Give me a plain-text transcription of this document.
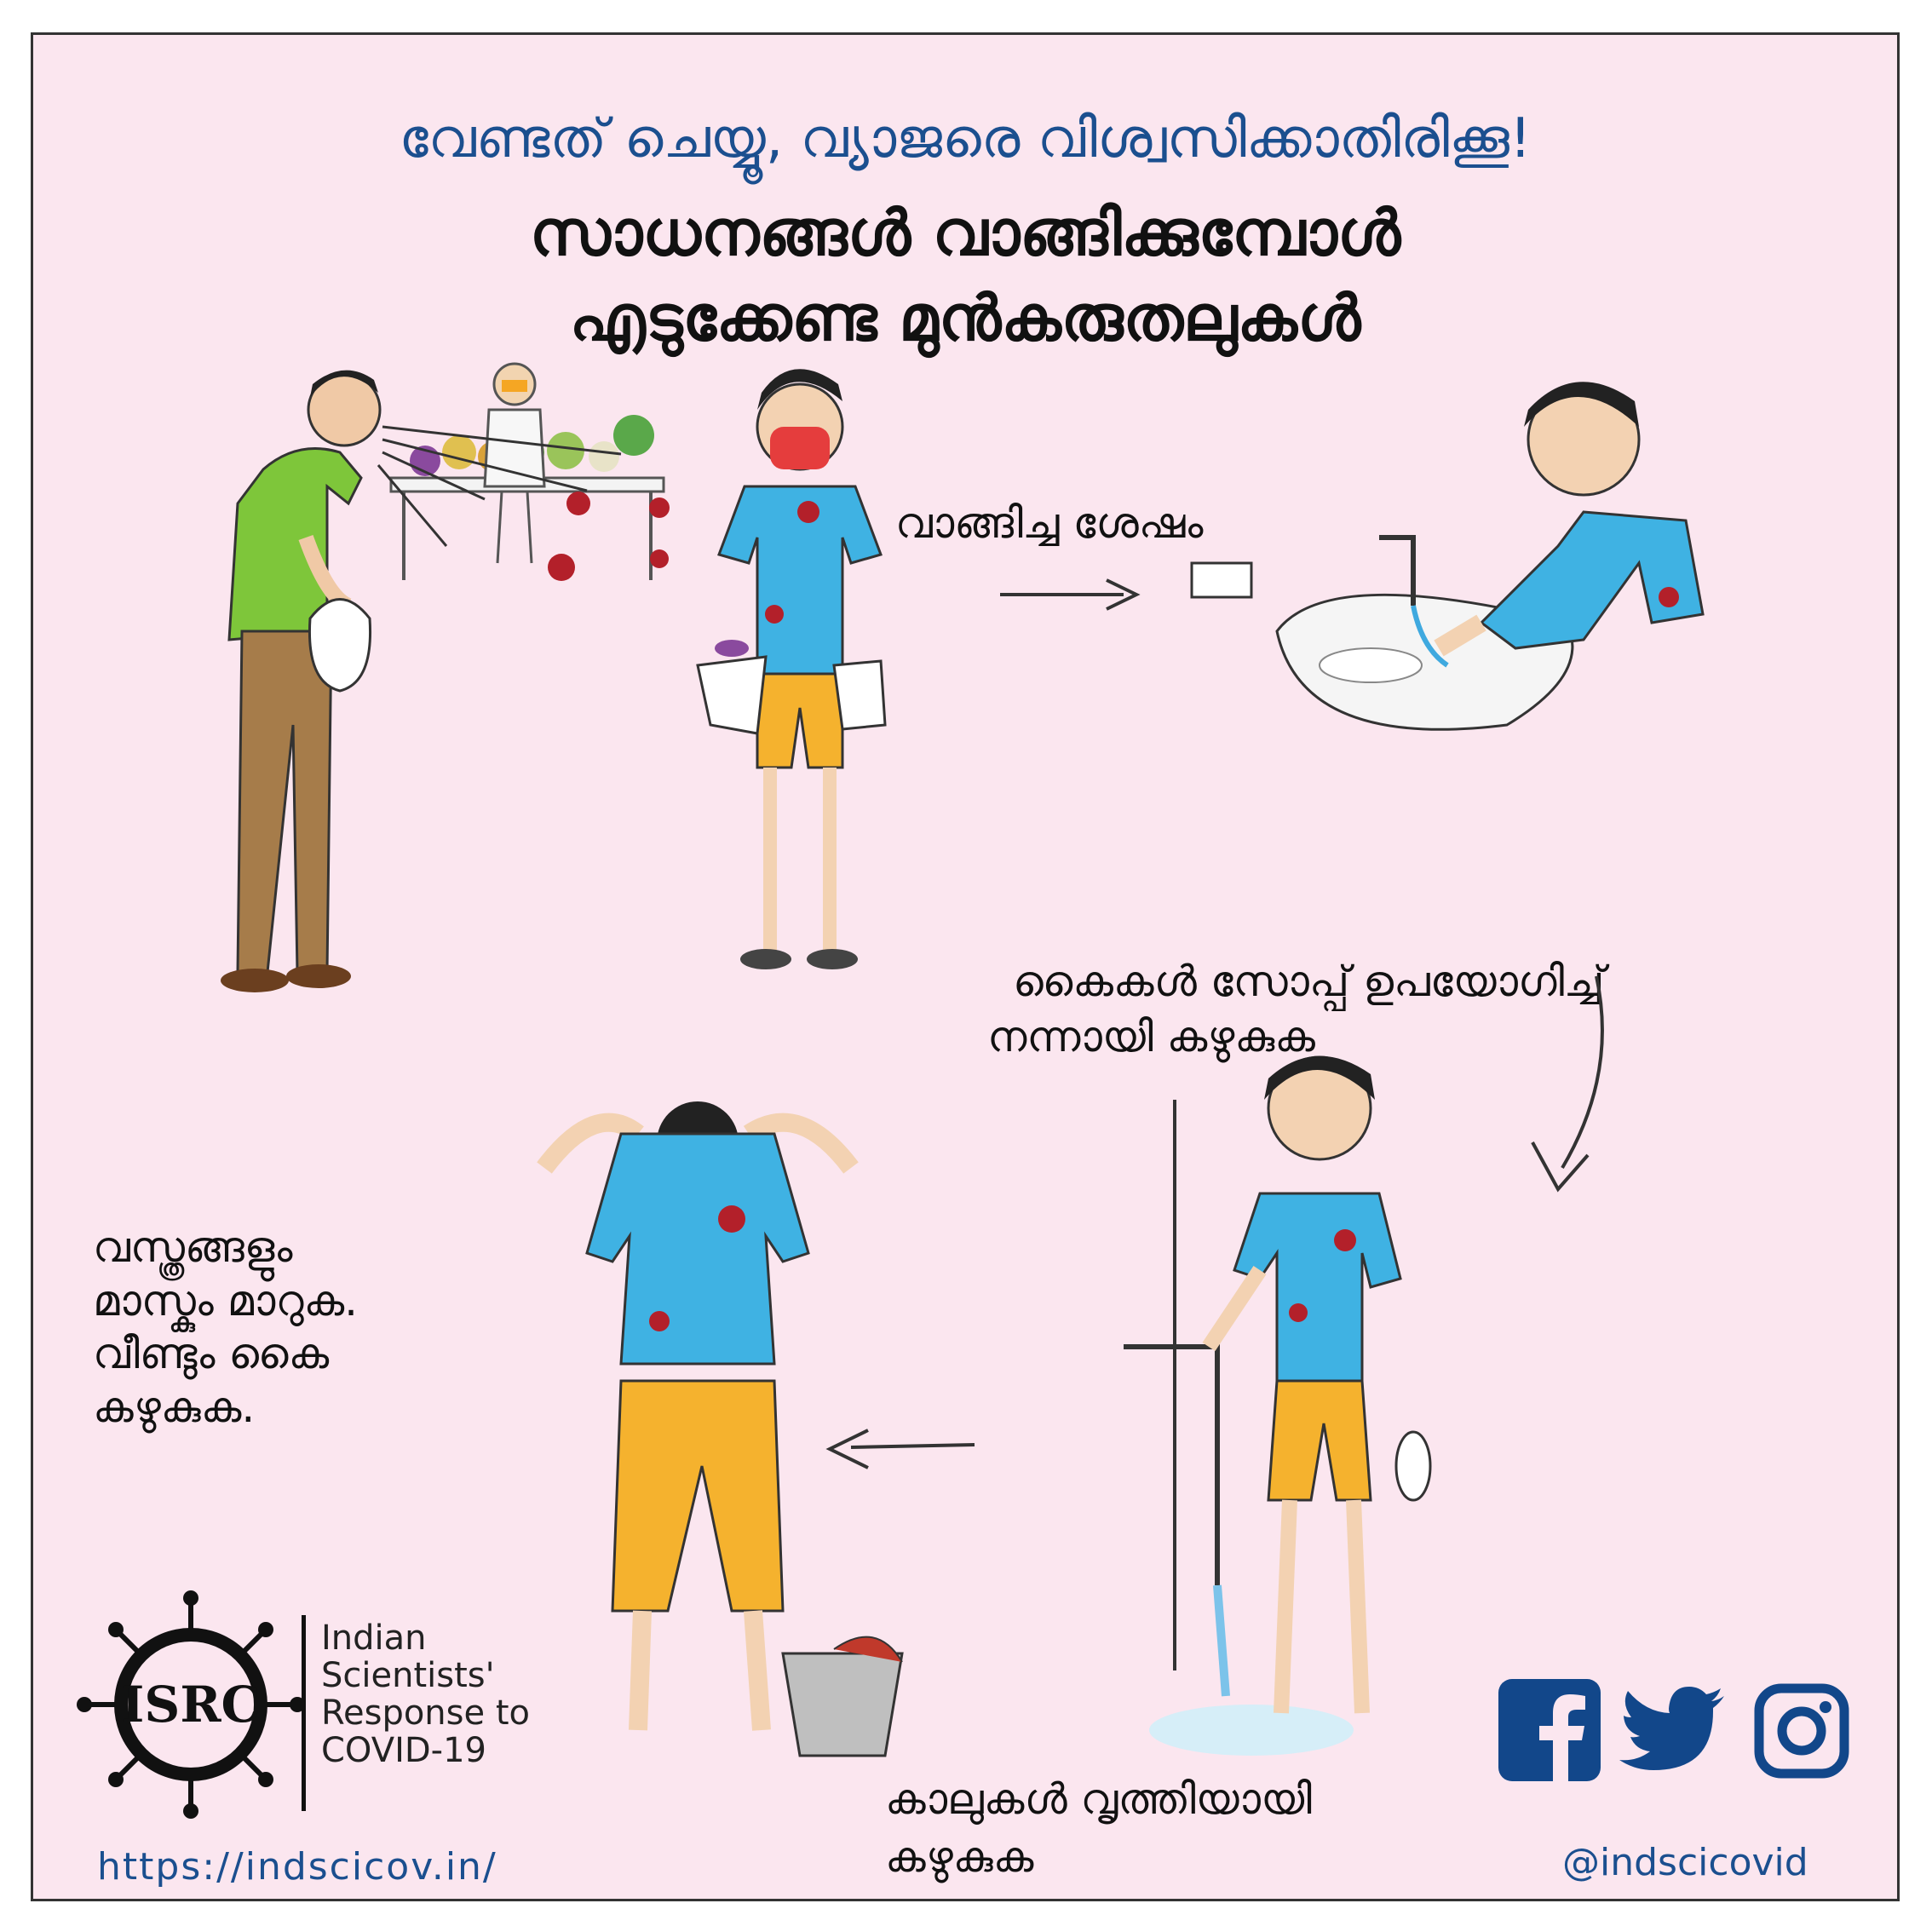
വേണ്ടത് ചെയ്യൂ, വ്യാജരെ വിശ്വസിക്കാതിരിക്കൂ!
സാധനങ്ങൾ വാങ്ങിക്കുമ്പോൾ
എടുക്കേണ്ട മുൻകരുതലുകൾ
വാങ്ങിച്ച ശേഷം
കൈകൾ സോപ്പ് ഉപയോഗിച്ച്
നന്നായി കഴുകുക
കാലുകൾ വൃത്തിയായി
കഴുകുക
വസ്ത്രങ്ങളും
മാസ്കും മാറുക.
വീണ്ടും കൈ
കഴുകുക.
ISRC
Indian
Scientists'
Response to
COVID-19
https://indscicov.in/	@indscicovid
